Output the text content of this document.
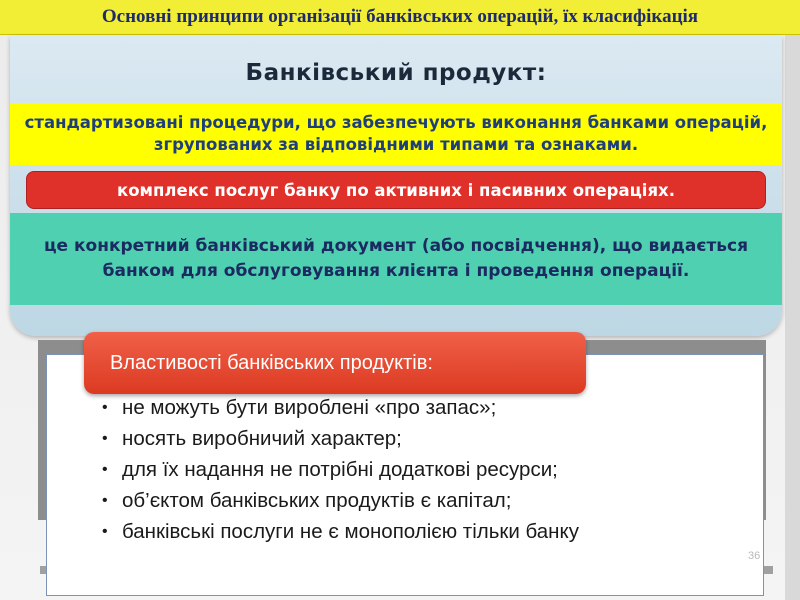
Основні принципи організації банківських операцій, їх класифікація
Банківський продукт:
стандартизовані процедури, що забезпечують виконання банками операцій, згрупованих за відповідними типами та ознаками.
комплекс послуг банку по активних і пасивних операціях.
це конкретний банківський документ (або посвідчення), що видається банком для обслуговування клієнта і проведення операції.
Властивості банківських продуктів:
• не можуть бути вироблені «про запас»;
• носять виробничий характер;
• для їх надання не потрібні додаткові ресурси;
• об’єктом банківських продуктів є капітал;
• банківські послуги не є монополією тільки банку
36
